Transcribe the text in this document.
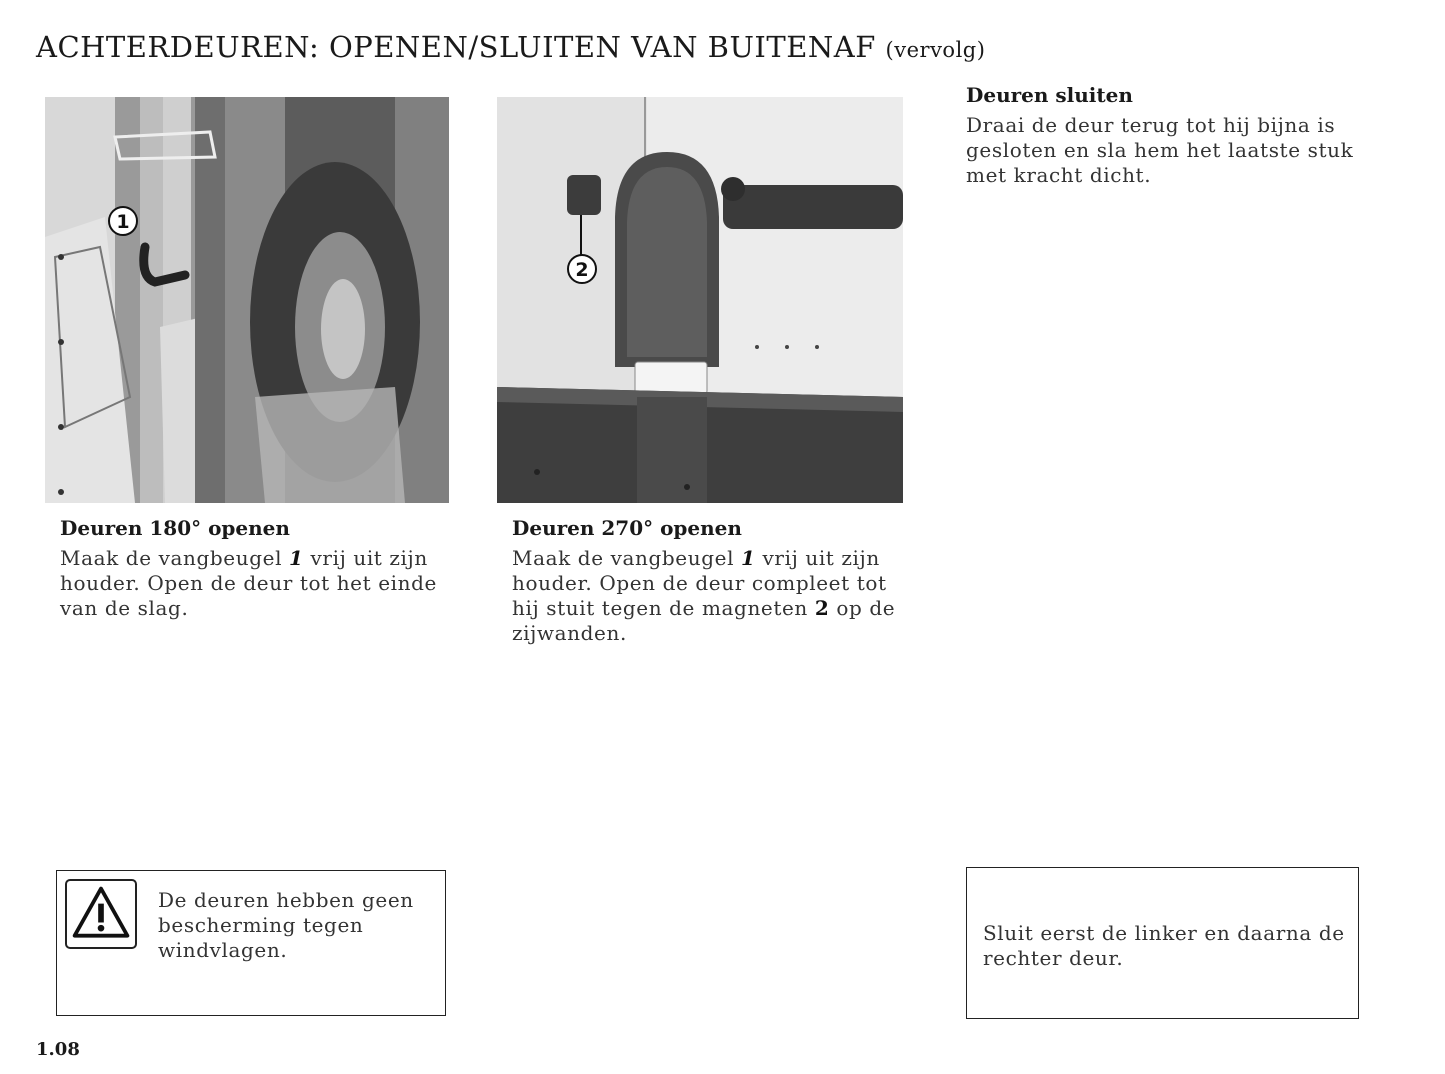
ACHTERDEUREN: OPENEN/SLUITEN VAN BUITENAF (vervolg)
1
2
Deuren 180° openen
Maak de vangbeugel 1 vrij uit zijn houder. Open de deur tot het einde van de slag.
Deuren 270° openen
Maak de vangbeugel 1 vrij uit zijn houder. Open de deur compleet tot hij stuit tegen de magneten 2 op de zijwanden.
Deuren sluiten
Draai de deur terug tot hij bijna is gesloten en sla hem het laatste stuk met kracht dicht.
De deuren hebben geen bescherming tegen windvlagen.
Sluit eerst de linker en daarna de rechter deur.
1.08
